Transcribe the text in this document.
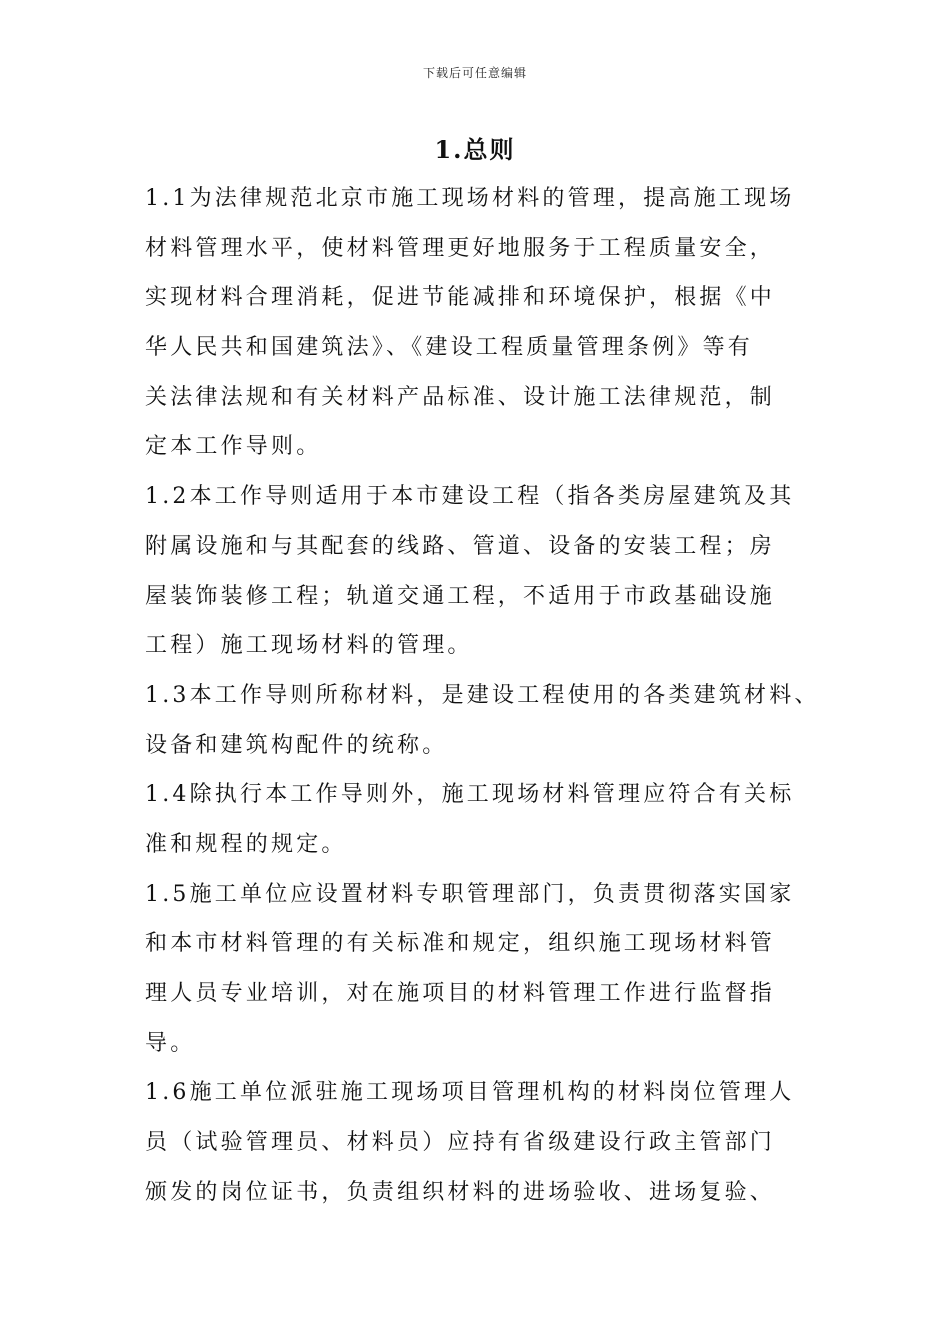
下载后可任意编辑
1.总则
1.1为法律规范北京市施工现场材料的管理，提高施工现场
材料管理水平，使材料管理更好地服务于工程质量安全，
实现材料合理消耗，促进节能减排和环境保护，根据《中
华人民共和国建筑法》、《建设工程质量管理条例》等有
关法律法规和有关材料产品标准、设计施工法律规范，制
定本工作导则。
1.2本工作导则适用于本市建设工程（指各类房屋建筑及其
附属设施和与其配套的线路、管道、设备的安装工程；房
屋装饰装修工程；轨道交通工程，不适用于市政基础设施
工程）施工现场材料的管理。
1.3本工作导则所称材料，是建设工程使用的各类建筑材料、
设备和建筑构配件的统称。
1.4除执行本工作导则外，施工现场材料管理应符合有关标
准和规程的规定。
1.5施工单位应设置材料专职管理部门，负责贯彻落实国家
和本市材料管理的有关标准和规定，组织施工现场材料管
理人员专业培训，对在施项目的材料管理工作进行监督指
导。
1.6施工单位派驻施工现场项目管理机构的材料岗位管理人
员（试验管理员、材料员）应持有省级建设行政主管部门
颁发的岗位证书，负责组织材料的进场验收、进场复验、
